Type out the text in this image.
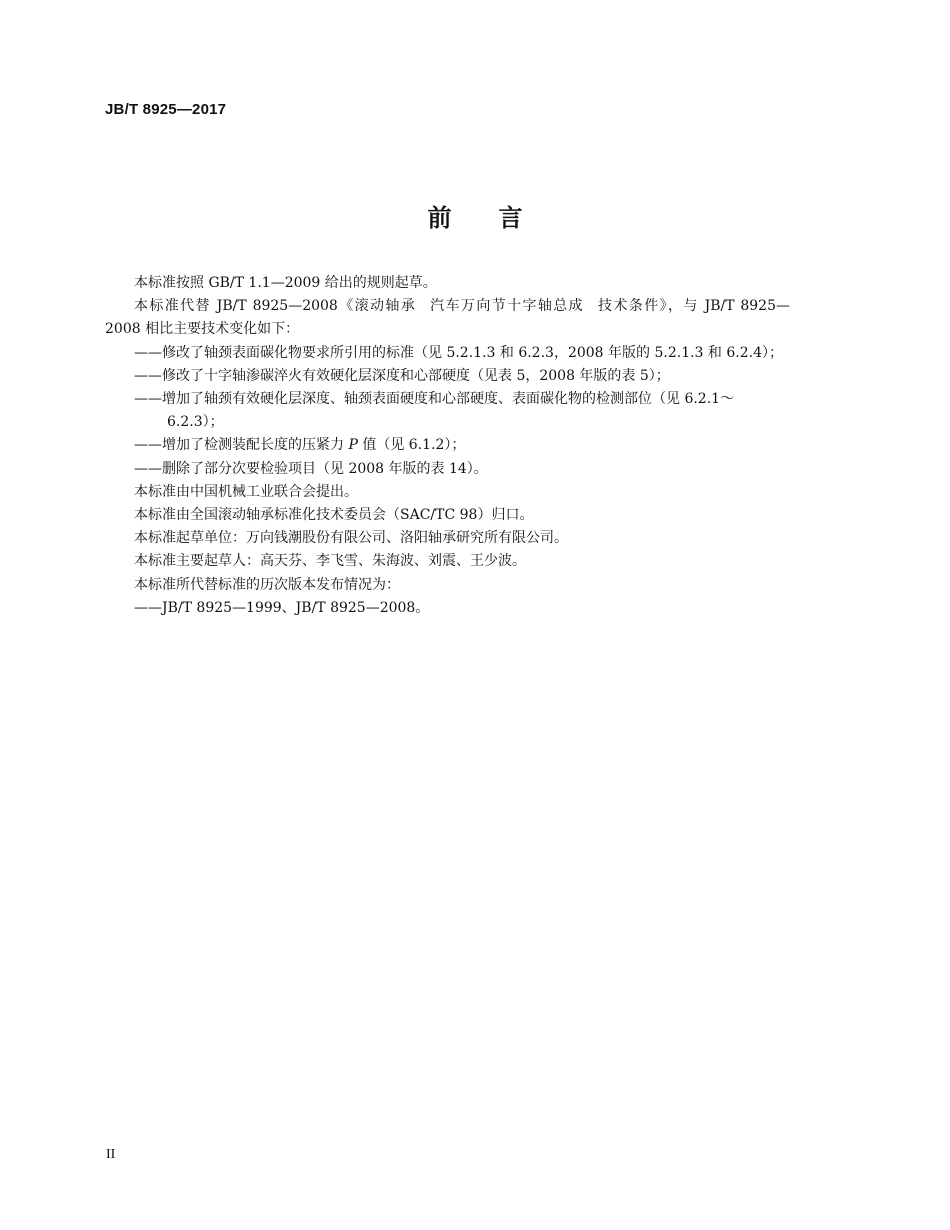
JB/T 8925—2017
前 言

本标准按照 GB/T 1.1—2009 给出的规则起草。

本标准代替 JB/T 8925—2008《滚动轴承 汽车万向节十字轴总成 技术条件》，与 JB/T 8925—

2008 相比主要技术变化如下：

——修改了轴颈表面碳化物要求所引用的标准（见 5.2.1.3 和 6.2.3，2008 年版的 5.2.1.3 和 6.2.4）；

——修改了十字轴渗碳淬火有效硬化层深度和心部硬度（见表 5，2008 年版的表 5）；

——增加了轴颈有效硬化层深度、轴颈表面硬度和心部硬度、表面碳化物的检测部位（见 6.2.1～
6.2.3）；

——增加了检测装配长度的压紧力 P 值（见 6.1.2）；

——删除了部分次要检验项目（见 2008 年版的表 14）。

本标准由中国机械工业联合会提出。

本标准由全国滚动轴承标准化技术委员会（SAC/TC 98）归口。

本标准起草单位：万向钱潮股份有限公司、洛阳轴承研究所有限公司。

本标准主要起草人：高天芬、李飞雪、朱海波、刘震、王少波。

本标准所代替标准的历次版本发布情况为：

——JB/T 8925—1999、JB/T 8925—2008。

II
